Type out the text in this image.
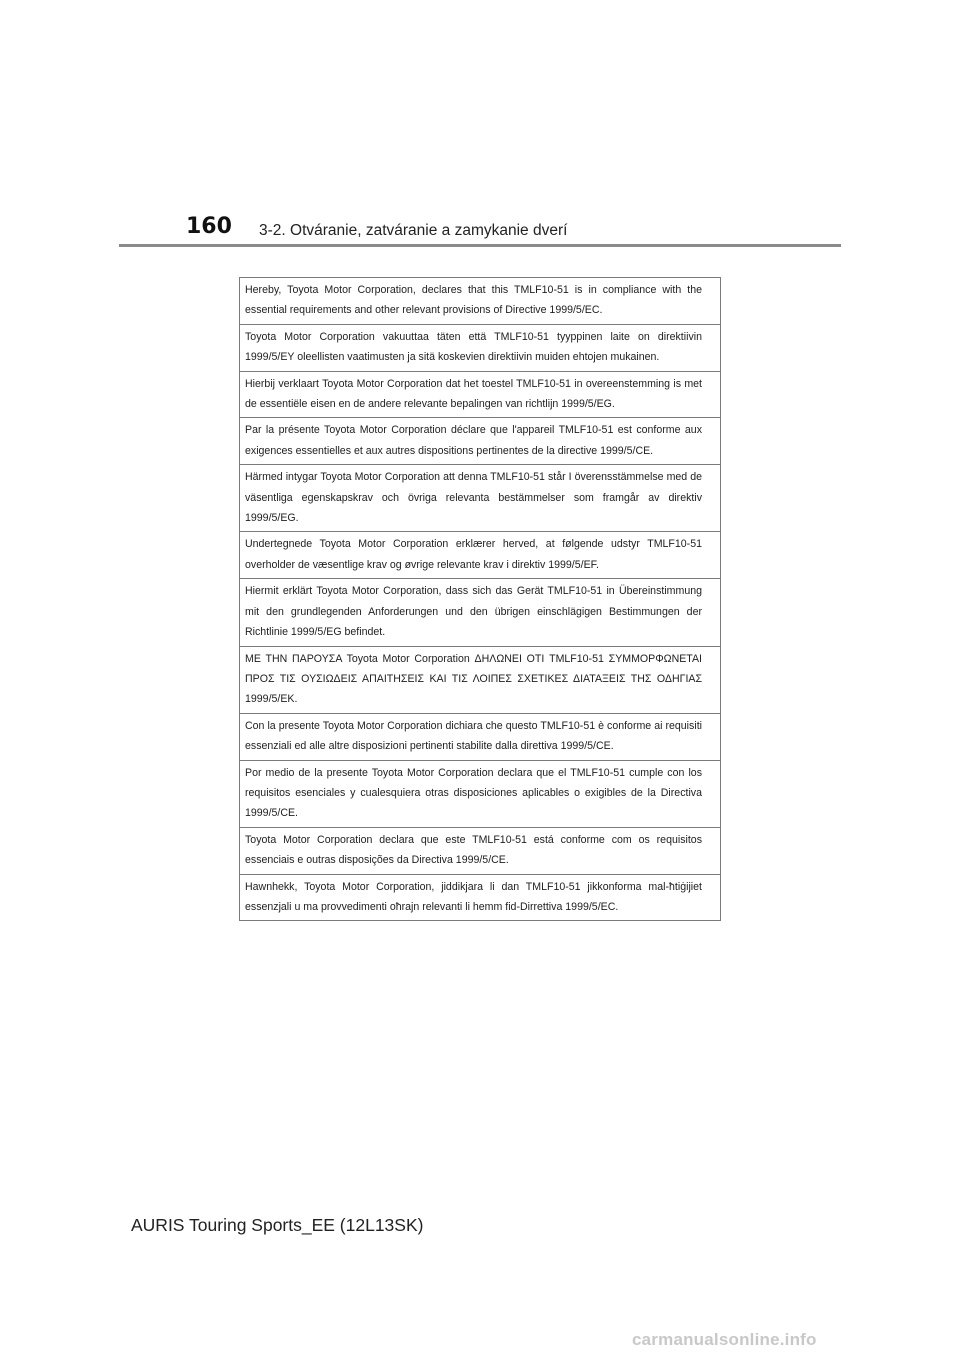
160 3-2. Otváranie, zatváranie a zamykanie dverí
Hereby, Toyota Motor Corporation, declares that this TMLF10-51 is in compliance with the essential requirements and other relevant provisions of Directive 1999/5/EC.
Toyota Motor Corporation vakuuttaa täten että TMLF10-51 tyyppinen laite on direktiivin 1999/5/EY oleellisten vaatimusten ja sitä koskevien direktiivin muiden ehtojen mukainen.
Hierbij verklaart Toyota Motor Corporation dat het toestel TMLF10-51 in overeenstemming is met de essentiële eisen en de andere relevante bepalingen van richtlijn 1999/5/EG.
Par la présente Toyota Motor Corporation déclare que l'appareil TMLF10-51 est conforme aux exigences essentielles et aux autres dispositions pertinentes de la directive 1999/5/CE.
Härmed intygar Toyota Motor Corporation att denna TMLF10-51 står I överensstämmelse med de väsentliga egenskapskrav och övriga relevanta bestämmelser som framgår av direktiv 1999/5/EG.
Undertegnede Toyota Motor Corporation erklærer herved, at følgende udstyr TMLF10-51 overholder de væsentlige krav og øvrige relevante krav i direktiv 1999/5/EF.
Hiermit erklärt Toyota Motor Corporation, dass sich das Gerät TMLF10-51 in Übereinstimmung mit den grundlegenden Anforderungen und den übrigen einschlägigen Bestimmungen der Richtlinie 1999/5/EG befindet.
ΜΕ ΤΗΝ ΠΑΡΟΥΣΑ Toyota Motor Corporation ΔΗΛΩΝΕΙ ΟΤΙ TMLF10-51 ΣΥΜΜΟΡΦΩΝΕΤΑΙ ΠΡΟΣ ΤΙΣ ΟΥΣΙΩΔΕΙΣ ΑΠΑΙΤΗΣΕΙΣ ΚΑΙ ΤΙΣ ΛΟΙΠΕΣ ΣΧΕΤΙΚΕΣ ΔΙΑΤΑΞΕΙΣ ΤΗΣ ΟΔΗΓΙΑΣ 1999/5/ΕΚ.
Con la presente Toyota Motor Corporation dichiara che questo TMLF10-51 è conforme ai requisiti essenziali ed alle altre disposizioni pertinenti stabilite dalla direttiva 1999/5/CE.
Por medio de la presente Toyota Motor Corporation declara que el TMLF10-51 cumple con los requisitos esenciales y cualesquiera otras disposiciones aplicables o exigibles de la Directiva 1999/5/CE.
Toyota Motor Corporation declara que este TMLF10-51 está conforme com os requisitos essenciais e outras disposições da Directiva 1999/5/CE.
Hawnhekk, Toyota Motor Corporation, jiddikjara li dan TMLF10-51 jikkonforma mal-ħtiġijiet essenzjali u ma provvedimenti oħrajn relevanti li hemm fid-Dirrettiva 1999/5/EC.
AURIS Touring Sports_EE (12L13SK)
carmanualsonline.info
